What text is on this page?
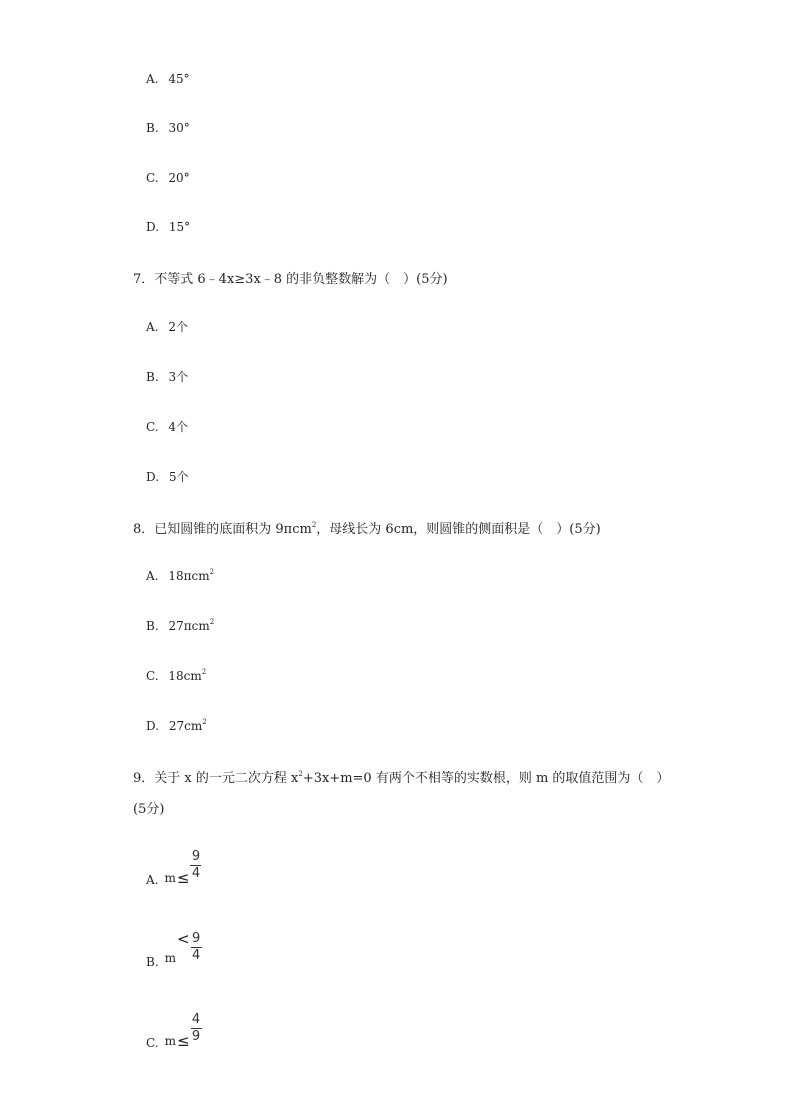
A. 45°
B. 30°
C. 20°
D. 15°
7．不等式 6﹣4x≥3x﹣8 的非负整数解为（　）(5分)
A. 2个
B. 3个
C. 4个
D. 5个
8．已知圆锥的底面积为 9πcm$^2$，母线长为 6cm，则圆锥的侧面积是（　）(5分)
A. 18πcm$^2$
B. 27πcm$^2$
C. $18cm^2$
D. $27cm^2$
9．关于 x 的一元二次方程 $x^2+3x+m=0$ 有两个不相等的实数根，则 m 的取值范围为（　）
(5分)
A. $m \le \frac{9}{4}$
B. m
< $\frac{9}{4}$
C. $m \le \frac{4}{9}$
